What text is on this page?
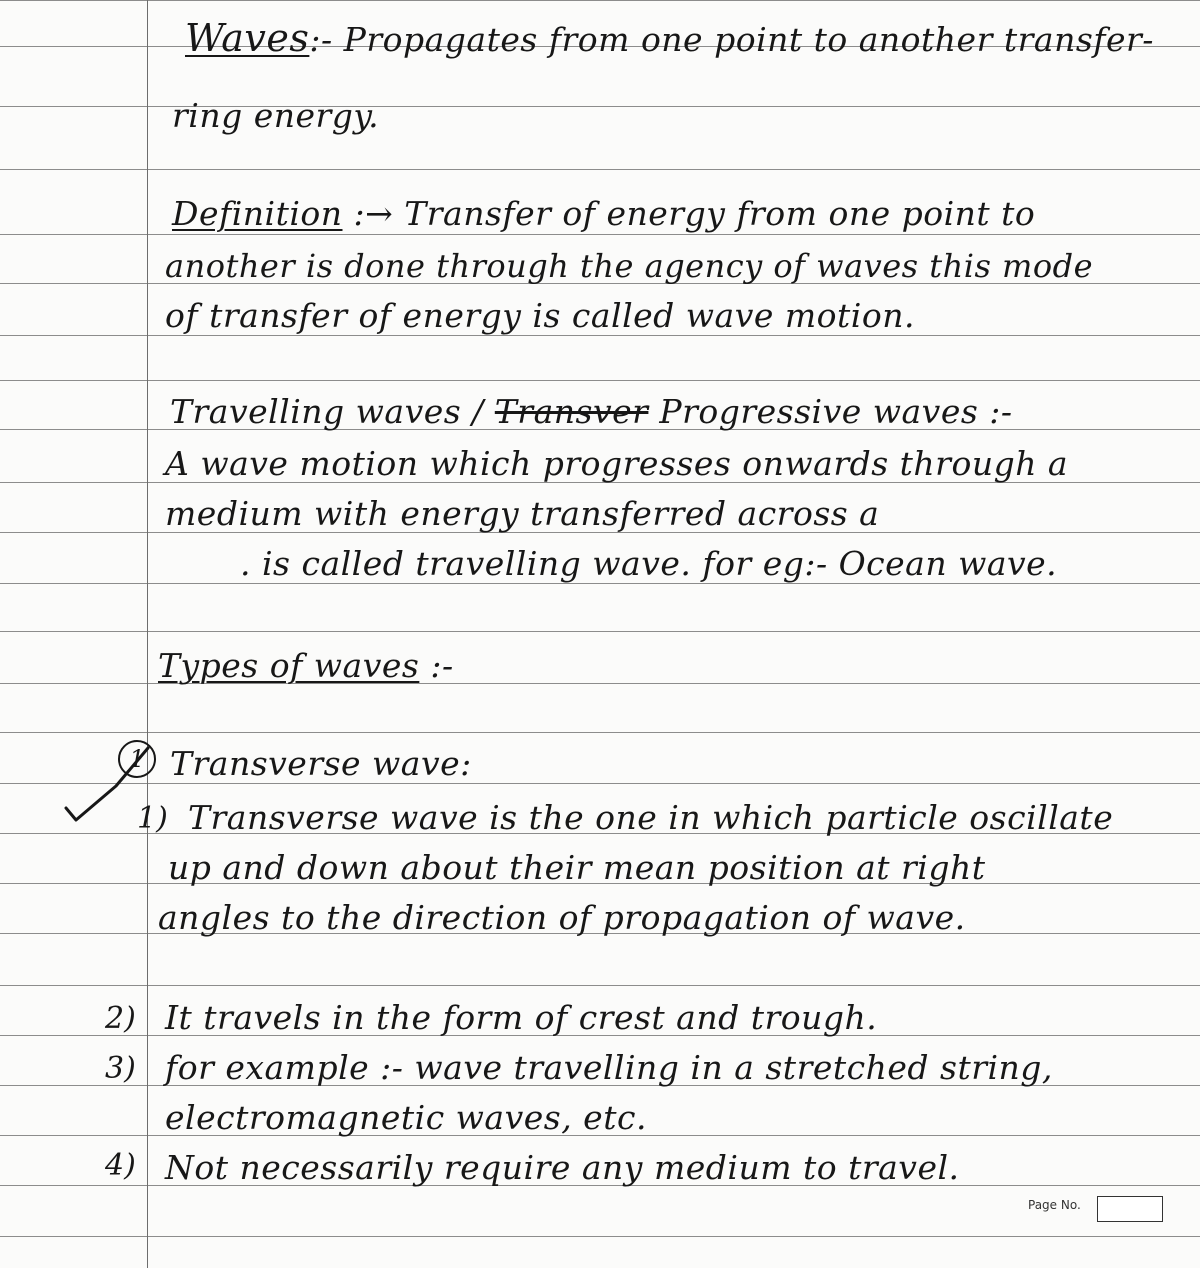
Waves:- Propagates from one point to another transfer-
ring energy.
Definition :→ Transfer of energy from one point to
another is done through the agency of waves this mode
of transfer of energy is called wave motion.
Travelling waves / Transver Progressive waves :-
A wave motion which progresses onwards through a
medium with energy transferred across a
. is called travelling wave. for eg:- Ocean wave.
Types of waves :-
1 Transverse wave:
1) Transverse wave is the one in which particle oscillate
up and down about their mean position at right
angles to the direction of propagation of wave.
2) It travels in the form of crest and trough.
3) for example :- wave travelling in a stretched string,
electromagnetic waves, etc.
4) Not necessarily require any medium to travel.
Page No.
